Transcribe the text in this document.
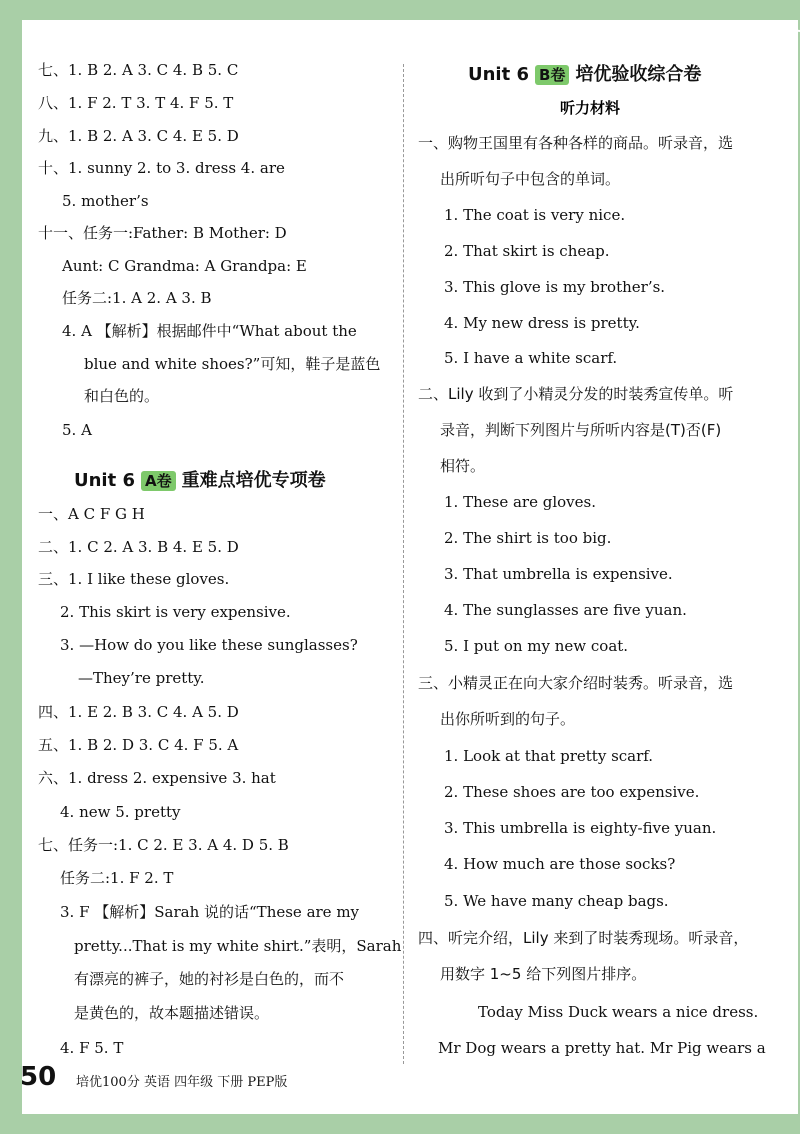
七、1. B 2. A 3. C 4. B 5. C
八、1. F 2. T 3. T 4. F 5. T
九、1. B 2. A 3. C 4. E 5. D
十、1. sunny 2. to 3. dress 4. are
5. mother’s
十一、任务一:Father: B Mother: D
Aunt: C Grandma: A Grandpa: E
任务二:1. A 2. A 3. B
4. A 【解析】根据邮件中“What about the
blue and white shoes?”可知，鞋子是蓝色
和白色的。
5. A
Unit 6 A卷 重难点培优专项卷
一、A C F G H
二、1. C 2. A 3. B 4. E 5. D
三、1. I like these gloves.
2. This skirt is very expensive.
3. —How do you like these sunglasses?
—They’re pretty.
四、1. E 2. B 3. C 4. A 5. D
五、1. B 2. D 3. C 4. F 5. A
六、1. dress 2. expensive 3. hat
4. new 5. pretty
七、任务一:1. C 2. E 3. A 4. D 5. B
任务二:1. F 2. T
3. F 【解析】Sarah 说的话“These are my
pretty...That is my white shirt.”表明，Sarah
有漂亮的裤子，她的衬衫是白色的，而不
是黄色的，故本题描述错误。
4. F 5. T
Unit 6 B卷 培优验收综合卷
听力材料
一、购物王国里有各种各样的商品。听录音，选
出所听句子中包含的单词。
1. The coat is very nice.
2. That skirt is cheap.
3. This glove is my brother’s.
4. My new dress is pretty.
5. I have a white scarf.
二、Lily 收到了小精灵分发的时装秀宣传单。听
录音，判断下列图片与所听内容是(T)否(F)
相符。
1. These are gloves.
2. The shirt is too big.
3. That umbrella is expensive.
4. The sunglasses are five yuan.
5. I put on my new coat.
三、小精灵正在向大家介绍时装秀。听录音，选
出你所听到的句子。
1. Look at that pretty scarf.
2. These shoes are too expensive.
3. This umbrella is eighty-five yuan.
4. How much are those socks?
5. We have many cheap bags.
四、听完介绍，Lily 来到了时装秀现场。听录音，
用数字 1~5 给下列图片排序。
Today Miss Duck wears a nice dress.
Mr Dog wears a pretty hat. Mr Pig wears a
50 培优100分 英语 四年级 下册 PEP版
